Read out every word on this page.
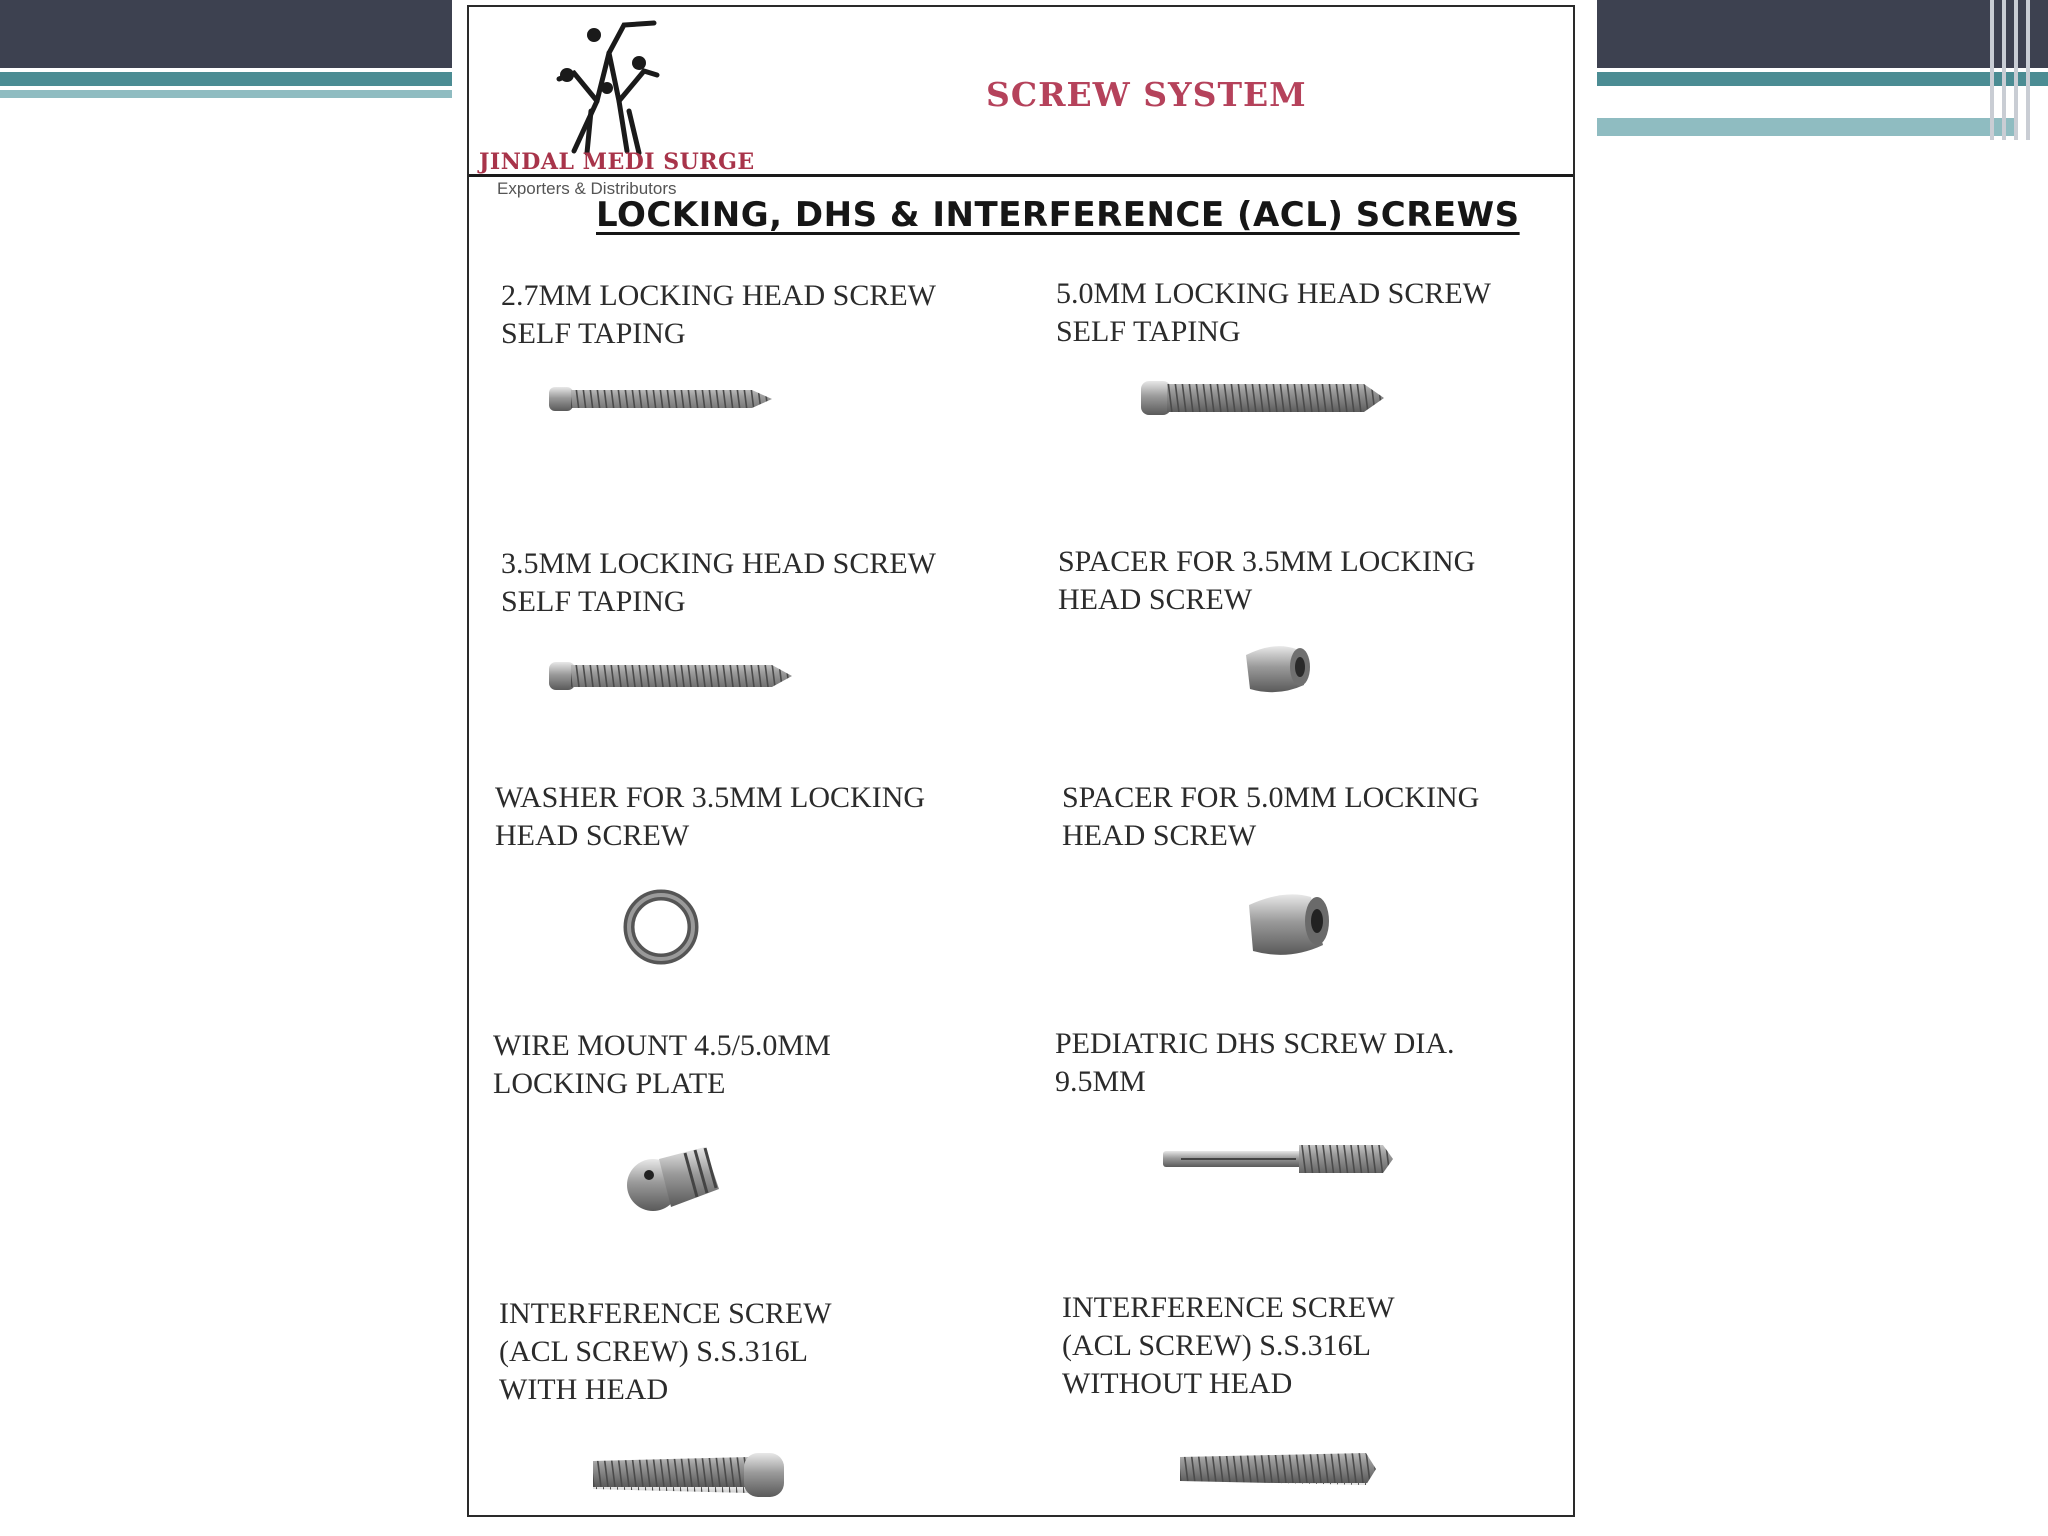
JINDAL MEDI SURGE
SCREW SYSTEM
Exporters & Distributors
LOCKING, DHS & INTERFERENCE (ACL) SCREWS
2.7MM LOCKING HEAD SCREW
SELF TAPING
5.0MM LOCKING HEAD SCREW
SELF TAPING
3.5MM LOCKING HEAD SCREW
SELF TAPING
SPACER FOR 3.5MM LOCKING
HEAD SCREW
WASHER FOR 3.5MM LOCKING
HEAD SCREW
SPACER FOR 5.0MM LOCKING
HEAD SCREW
WIRE MOUNT 4.5/5.0MM
LOCKING PLATE
PEDIATRIC DHS SCREW DIA.
9.5MM
INTERFERENCE SCREW
(ACL SCREW) S.S.316L
WITH HEAD
INTERFERENCE SCREW
(ACL SCREW) S.S.316L
WITHOUT HEAD
